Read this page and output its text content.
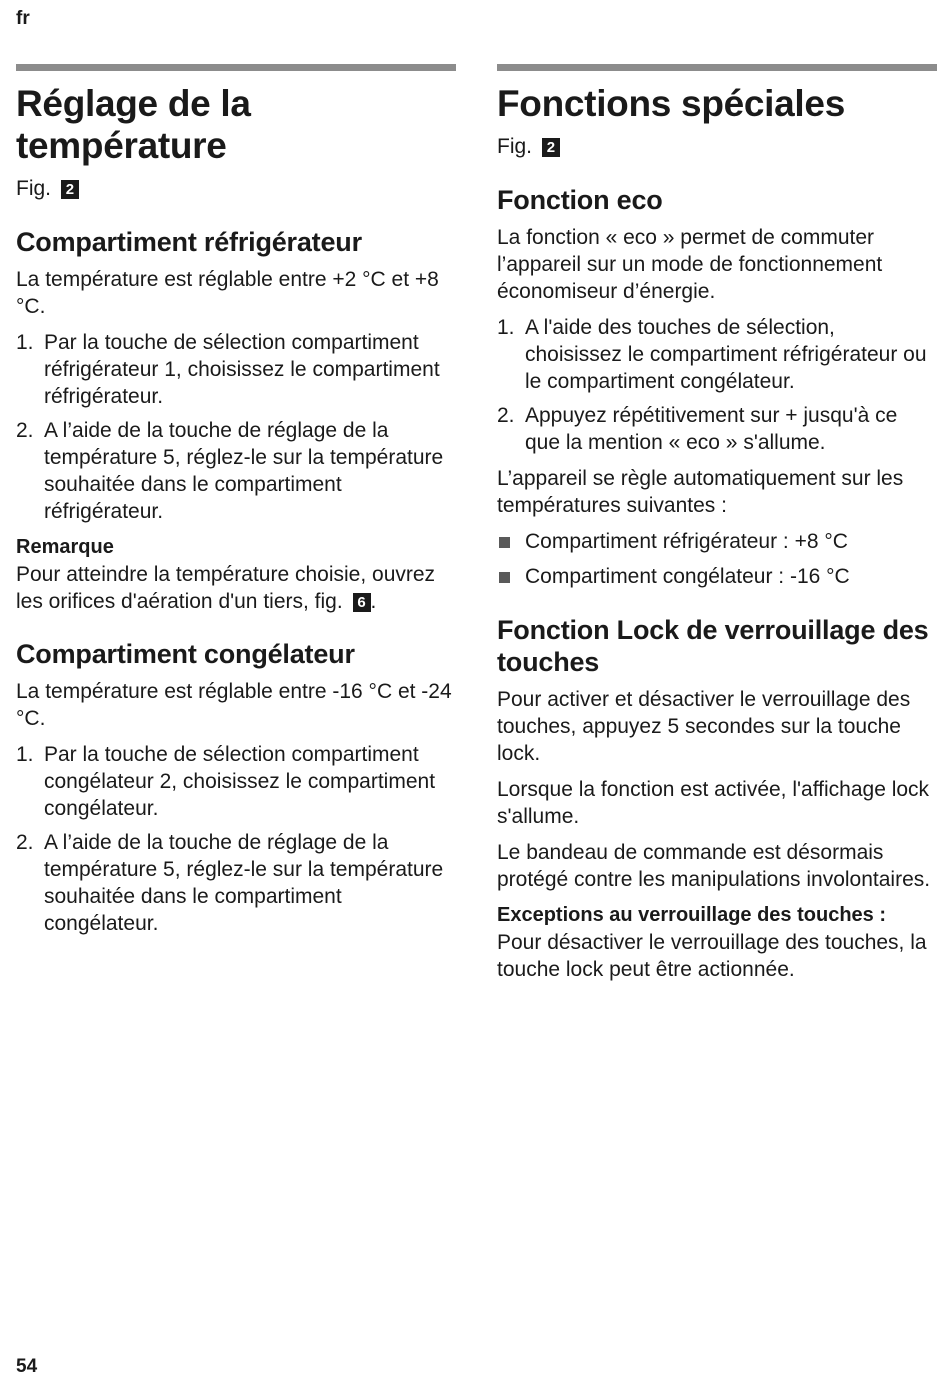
fr
Réglage de la température
Fig. 2
Compartiment réfrigérateur

La température est réglable entre +2 °C et +8 °C.

1. Par la touche de sélection compartiment réfrigérateur 1, choisissez le compartiment réfrigérateur.
2. A l’aide de la touche de réglage de la température 5, réglez-le sur la température souhaitée dans le compartiment réfrigérateur.
Remarque

Pour atteindre la température choisie, ouvrez les orifices d'aération d'un tiers, fig. 6 .

Compartiment congélateur

La température est réglable entre -16 °C et -24 °C.

1. Par la touche de sélection compartiment congélateur 2, choisissez le compartiment congélateur.
2. A l’aide de la touche de réglage de la température 5, réglez-le sur la température souhaitée dans le compartiment congélateur.
Fonctions spéciales
Fig. 2
Fonction eco

La fonction « eco » permet de commuter l’appareil sur un mode de fonctionnement économiseur d’énergie.

1. A l'aide des touches de sélection, choisissez le compartiment réfrigérateur ou le compartiment congélateur.
2. Appuyez répétitivement sur + jusqu'à ce que la mention « eco » s'allume.

L’appareil se règle automatiquement sur les températures suivantes :

Compartiment réfrigérateur : +8 °C
Compartiment congélateur : -16 °C
Fonction Lock de verrouillage des touches

Pour activer et désactiver le verrouillage des touches, appuyez 5 secondes sur la touche lock.

Lorsque la fonction est activée, l'affichage lock s'allume.

Le bandeau de commande est désormais protégé contre les manipulations involontaires.

Exceptions au verrouillage des touches :

Pour désactiver le verrouillage des touches, la touche lock peut être actionnée.

54
